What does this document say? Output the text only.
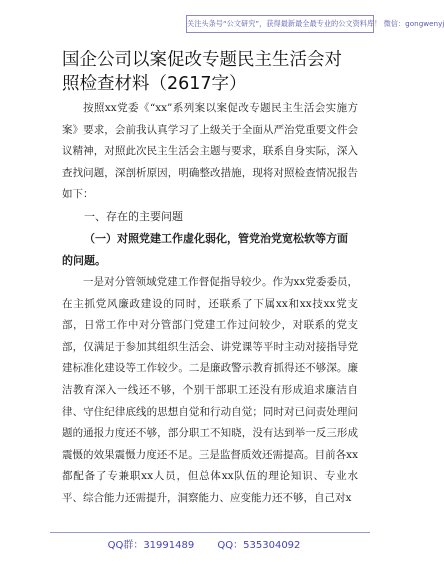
关注头条号“公文研究”，获得最新最全最专业的公文资料库！ 微信：gongwenyj
国企公司以案促改专题民主生活会对照检查材料（2617字）

按照xx党委《“xx”系列案以案促改专题民主生活会实施方案》要求，会前我认真学习了上级关于全面从严治党重要文件会议精神，对照此次民主生活会主题与要求，联系自身实际，深入查找问题，深剖析原因，明确整改措施，现将对照检查情况报告如下：

一、存在的主要问题
（一）对照党建工作虚化弱化，管党治党宽松软等方面的问题。

一是对分管领域党建工作督促指导较少。作为xx党委委员，在主抓党风廉政建设的同时，还联系了下属xx和xx技xx党支部，日常工作中对分管部门党建工作过问较少，对联系的党支部，仅满足于参加其组织生活会、讲党课等平时主动对接指导党建标准化建设等工作较少。二是廉政警示教育抓得还不够深。廉洁教育深入一线还不够，个别干部职工还没有形成追求廉洁自律、守住纪律底线的思想自觉和行动自觉；同时对已问责处理问题的通报力度还不够，部分职工不知晓，没有达到举一反三形成震慑的效果震慑力度还不足。三是监督质效还需提高。目前各xx都配备了专兼职xx人员，但总体xx队伍的理论知识、专业水平、综合能力还需提升，洞察能力、应变能力还不够，自己对x

QQ群：31991489 QQ：535304092
